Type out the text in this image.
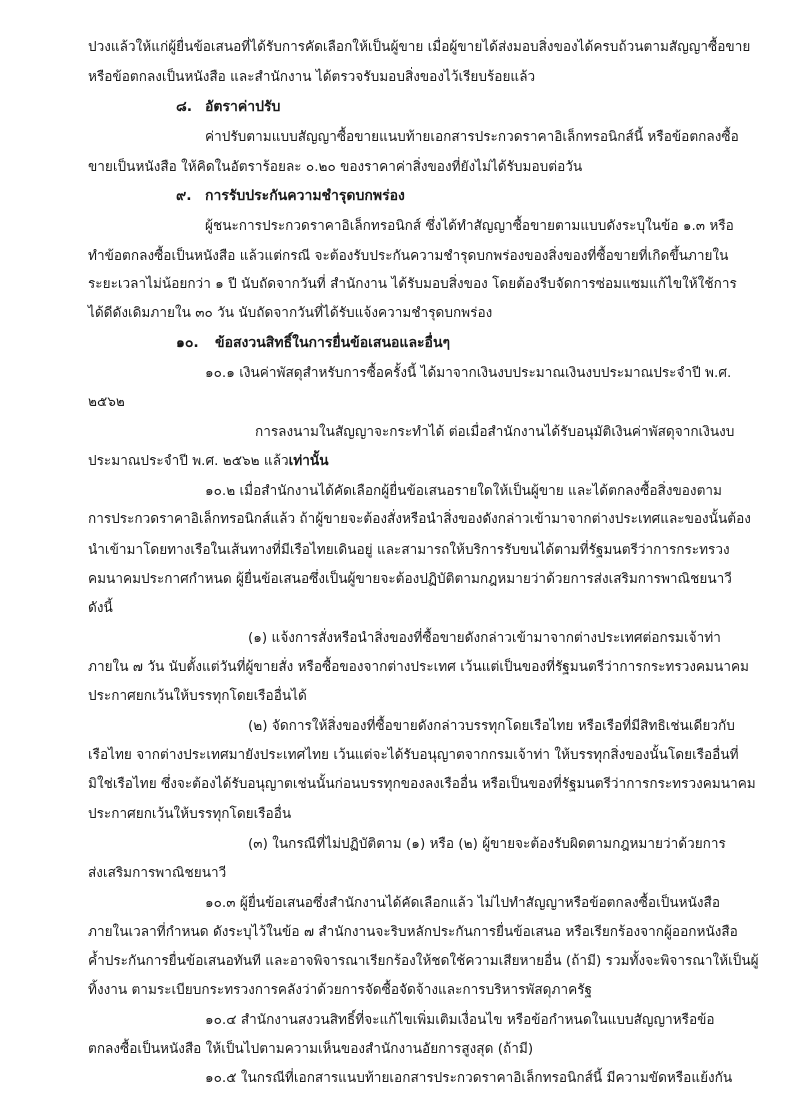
ปวงแล้วให้แก่ผู้ยื่นข้อเสนอที่ได้รับการคัดเลือกให้เป็นผู้ขาย เมื่อผู้ขายได้ส่งมอบสิ่งของได้ครบถ้วนตามสัญญาซื้อขาย
หรือข้อตกลงเป็นหนังสือ และสำนักงาน ได้ตรวจรับมอบสิ่งของไว้เรียบร้อยแล้ว
๘. อัตราค่าปรับ
ค่าปรับตามแบบสัญญาซื้อขายแนบท้ายเอกสารประกวดราคาอิเล็กทรอนิกส์นี้ หรือข้อตกลงซื้อ
ขายเป็นหนังสือ ให้คิดในอัตราร้อยละ ๐.๒๐ ของราคาค่าสิ่งของที่ยังไม่ได้รับมอบต่อวัน
๙. การรับประกันความชำรุดบกพร่อง
ผู้ชนะการประกวดราคาอิเล็กทรอนิกส์ ซึ่งได้ทำสัญญาซื้อขายตามแบบดังระบุในข้อ ๑.๓ หรือ
ทำข้อตกลงซื้อเป็นหนังสือ แล้วแต่กรณี จะต้องรับประกันความชำรุดบกพร่องของสิ่งของที่ซื้อขายที่เกิดขึ้นภายใน
ระยะเวลาไม่น้อยกว่า ๑ ปี นับถัดจากวันที่ สำนักงาน ได้รับมอบสิ่งของ โดยต้องรีบจัดการซ่อมแซมแก้ไขให้ใช้การ
ได้ดีดังเดิมภายใน ๓๐ วัน นับถัดจากวันที่ได้รับแจ้งความชำรุดบกพร่อง
๑๐. ข้อสงวนสิทธิ์ในการยื่นข้อเสนอและอื่นๆ
๑๐.๑ เงินค่าพัสดุสำหรับการซื้อครั้งนี้ ได้มาจากเงินงบประมาณเงินงบประมาณประจำปี พ.ศ.
๒๕๖๒
การลงนามในสัญญาจะกระทำได้ ต่อเมื่อสำนักงานได้รับอนุมัติเงินค่าพัสดุจากเงินงบ
ประมาณประจำปี พ.ศ. ๒๕๖๒ แล้วเท่านั้น
๑๐.๒ เมื่อสำนักงานได้คัดเลือกผู้ยื่นข้อเสนอรายใดให้เป็นผู้ขาย และได้ตกลงซื้อสิ่งของตาม
การประกวดราคาอิเล็กทรอนิกส์แล้ว ถ้าผู้ขายจะต้องสั่งหรือนำสิ่งของดังกล่าวเข้ามาจากต่างประเทศและของนั้นต้อง
นำเข้ามาโดยทางเรือในเส้นทางที่มีเรือไทยเดินอยู่ และสามารถให้บริการรับขนได้ตามที่รัฐมนตรีว่าการกระทรวง
คมนาคมประกาศกำหนด ผู้ยื่นข้อเสนอซึ่งเป็นผู้ขายจะต้องปฏิบัติตามกฎหมายว่าด้วยการส่งเสริมการพาณิชยนาวี
ดังนี้
(๑) แจ้งการสั่งหรือนำสิ่งของที่ซื้อขายดังกล่าวเข้ามาจากต่างประเทศต่อกรมเจ้าท่า
ภายใน ๗ วัน นับตั้งแต่วันที่ผู้ขายสั่ง หรือซื้อของจากต่างประเทศ เว้นแต่เป็นของที่รัฐมนตรีว่าการกระทรวงคมนาคม
ประกาศยกเว้นให้บรรทุกโดยเรืออื่นได้
(๒) จัดการให้สิ่งของที่ซื้อขายดังกล่าวบรรทุกโดยเรือไทย หรือเรือที่มีสิทธิเช่นเดียวกับ
เรือไทย จากต่างประเทศมายังประเทศไทย เว้นแต่จะได้รับอนุญาตจากกรมเจ้าท่า ให้บรรทุกสิ่งของนั้นโดยเรืออื่นที่
มิใช่เรือไทย ซึ่งจะต้องได้รับอนุญาตเช่นนั้นก่อนบรรทุกของลงเรืออื่น หรือเป็นของที่รัฐมนตรีว่าการกระทรวงคมนาคม
ประกาศยกเว้นให้บรรทุกโดยเรืออื่น
(๓) ในกรณีที่ไม่ปฏิบัติตาม (๑) หรือ (๒) ผู้ขายจะต้องรับผิดตามกฎหมายว่าด้วยการ
ส่งเสริมการพาณิชยนาวี
๑๐.๓ ผู้ยื่นข้อเสนอซึ่งสำนักงานได้คัดเลือกแล้ว ไม่ไปทำสัญญาหรือข้อตกลงซื้อเป็นหนังสือ
ภายในเวลาที่กำหนด ดังระบุไว้ในข้อ ๗ สำนักงานจะริบหลักประกันการยื่นข้อเสนอ หรือเรียกร้องจากผู้ออกหนังสือ
ค้ำประกันการยื่นข้อเสนอทันที และอาจพิจารณาเรียกร้องให้ชดใช้ความเสียหายอื่น (ถ้ามี) รวมทั้งจะพิจารณาให้เป็นผู้
ทิ้งงาน ตามระเบียบกระทรวงการคลังว่าด้วยการจัดซื้อจัดจ้างและการบริหารพัสดุภาครัฐ
๑๐.๔ สำนักงานสงวนสิทธิ์ที่จะแก้ไขเพิ่มเติมเงื่อนไข หรือข้อกำหนดในแบบสัญญาหรือข้อ
ตกลงซื้อเป็นหนังสือ ให้เป็นไปตามความเห็นของสำนักงานอัยการสูงสุด (ถ้ามี)
๑๐.๕ ในกรณีที่เอกสารแนบท้ายเอกสารประกวดราคาอิเล็กทรอนิกส์นี้ มีความขัดหรือแย้งกัน
